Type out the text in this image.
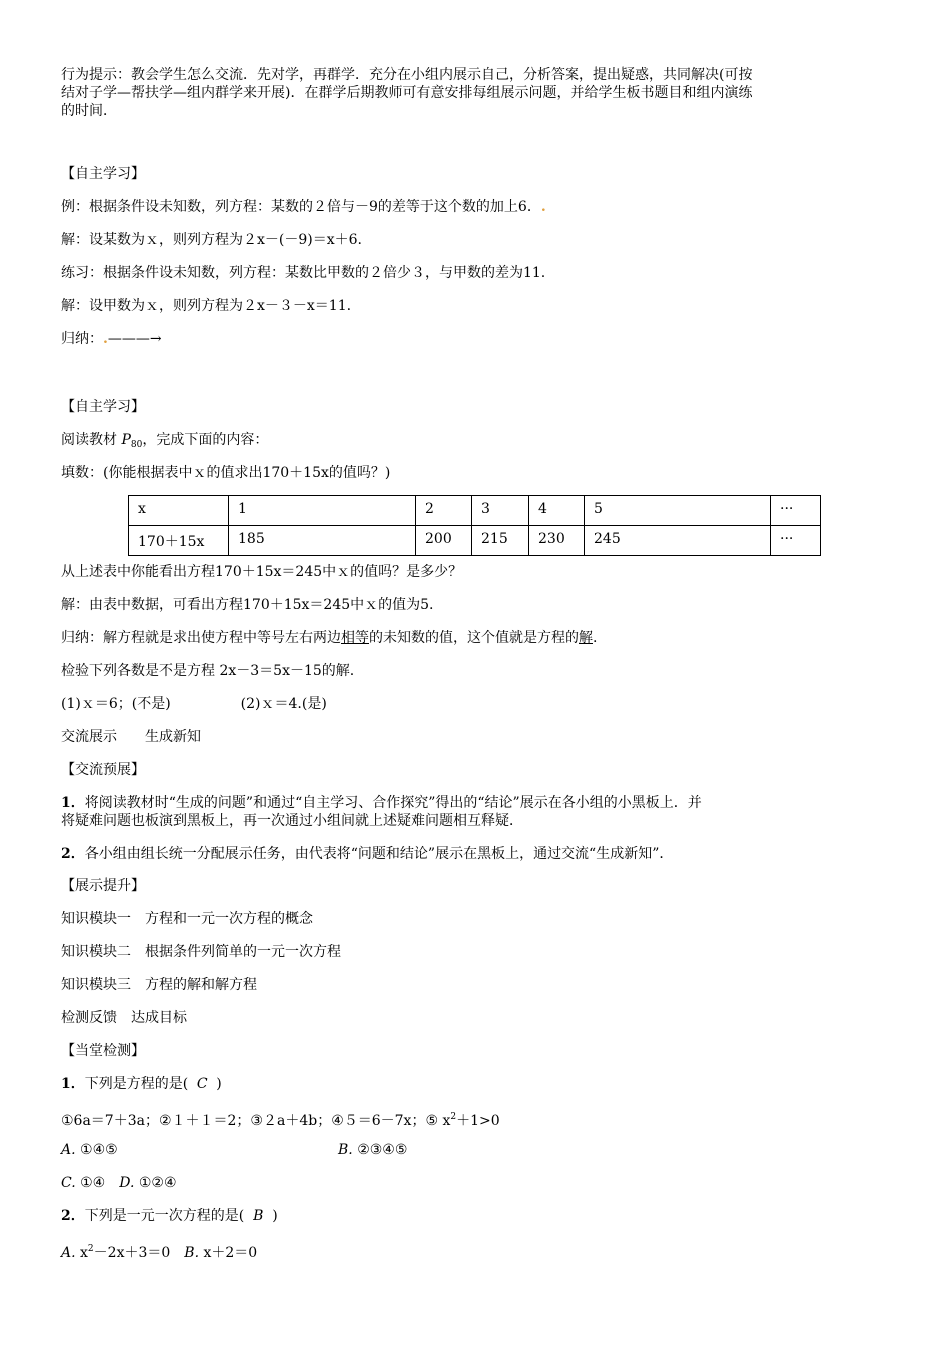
行为提示：教会学生怎么交流．先对学，再群学．充分在小组内展示自己，分析答案，提出疑惑，共同解决(可按
结对子学—帮扶学—组内群学来开展)．在群学后期教师可有意安排每组展示问题，并给学生板书题目和组内演练
的时间．
【自主学习】
例：根据条件设未知数，列方程：某数的２倍与－9的差等于这个数的加上6．.
解：设某数为ｘ，则列方程为２x－(－9)＝x＋6.
练习：根据条件设未知数，列方程：某数比甲数的２倍少３，与甲数的差为11.
解：设甲数为ｘ，则列方程为２x－３－x＝11.
归纳：.———→
【自主学习】
阅读教材 $P_{80}$，完成下面的内容：
填数：(你能根据表中ｘ的值求出170＋15x的值吗？)
x	1	2	3	4	5	···
170＋15x	185	200	215	230	245	···
从上述表中你能看出方程170＋15x＝245中ｘ的值吗？是多少？
解：由表中数据，可看出方程170＋15x＝245中ｘ的值为5.
归纳：解方程就是求出使方程中等号左右两边相等的未知数的值，这个值就是方程的解.
检验下列各数是不是方程 2x－3＝5x－15的解.
(1)ｘ＝6；(不是)	(2)ｘ＝4.(是)
交流展示　　生成新知
【交流预展】
1．将阅读教材时“生成的问题”和通过“自主学习、合作探究”得出的“结论”展示在各小组的小黑板上．并
将疑难问题也板演到黑板上，再一次通过小组间就上述疑难问题相互释疑．
2．各小组由组长统一分配展示任务，由代表将“问题和结论”展示在黑板上，通过交流“生成新知”．
【展示提升】
知识模块一　方程和一元一次方程的概念
知识模块二　根据条件列简单的一元一次方程
知识模块三　方程的解和解方程
检测反馈　达成目标
【当堂检测】
1．下列是方程的是( C )
①6a＝7＋3a；②１＋１＝2；③２a＋4b；④５＝6－7x；⑤ $x^2+1>0$
A. ①④⑤	B. ②③④⑤
C. ①④　 D. ①②④
2．下列是一元一次方程的是( B )
A. $x^2-2x+3=0$　 B. x＋2＝0
